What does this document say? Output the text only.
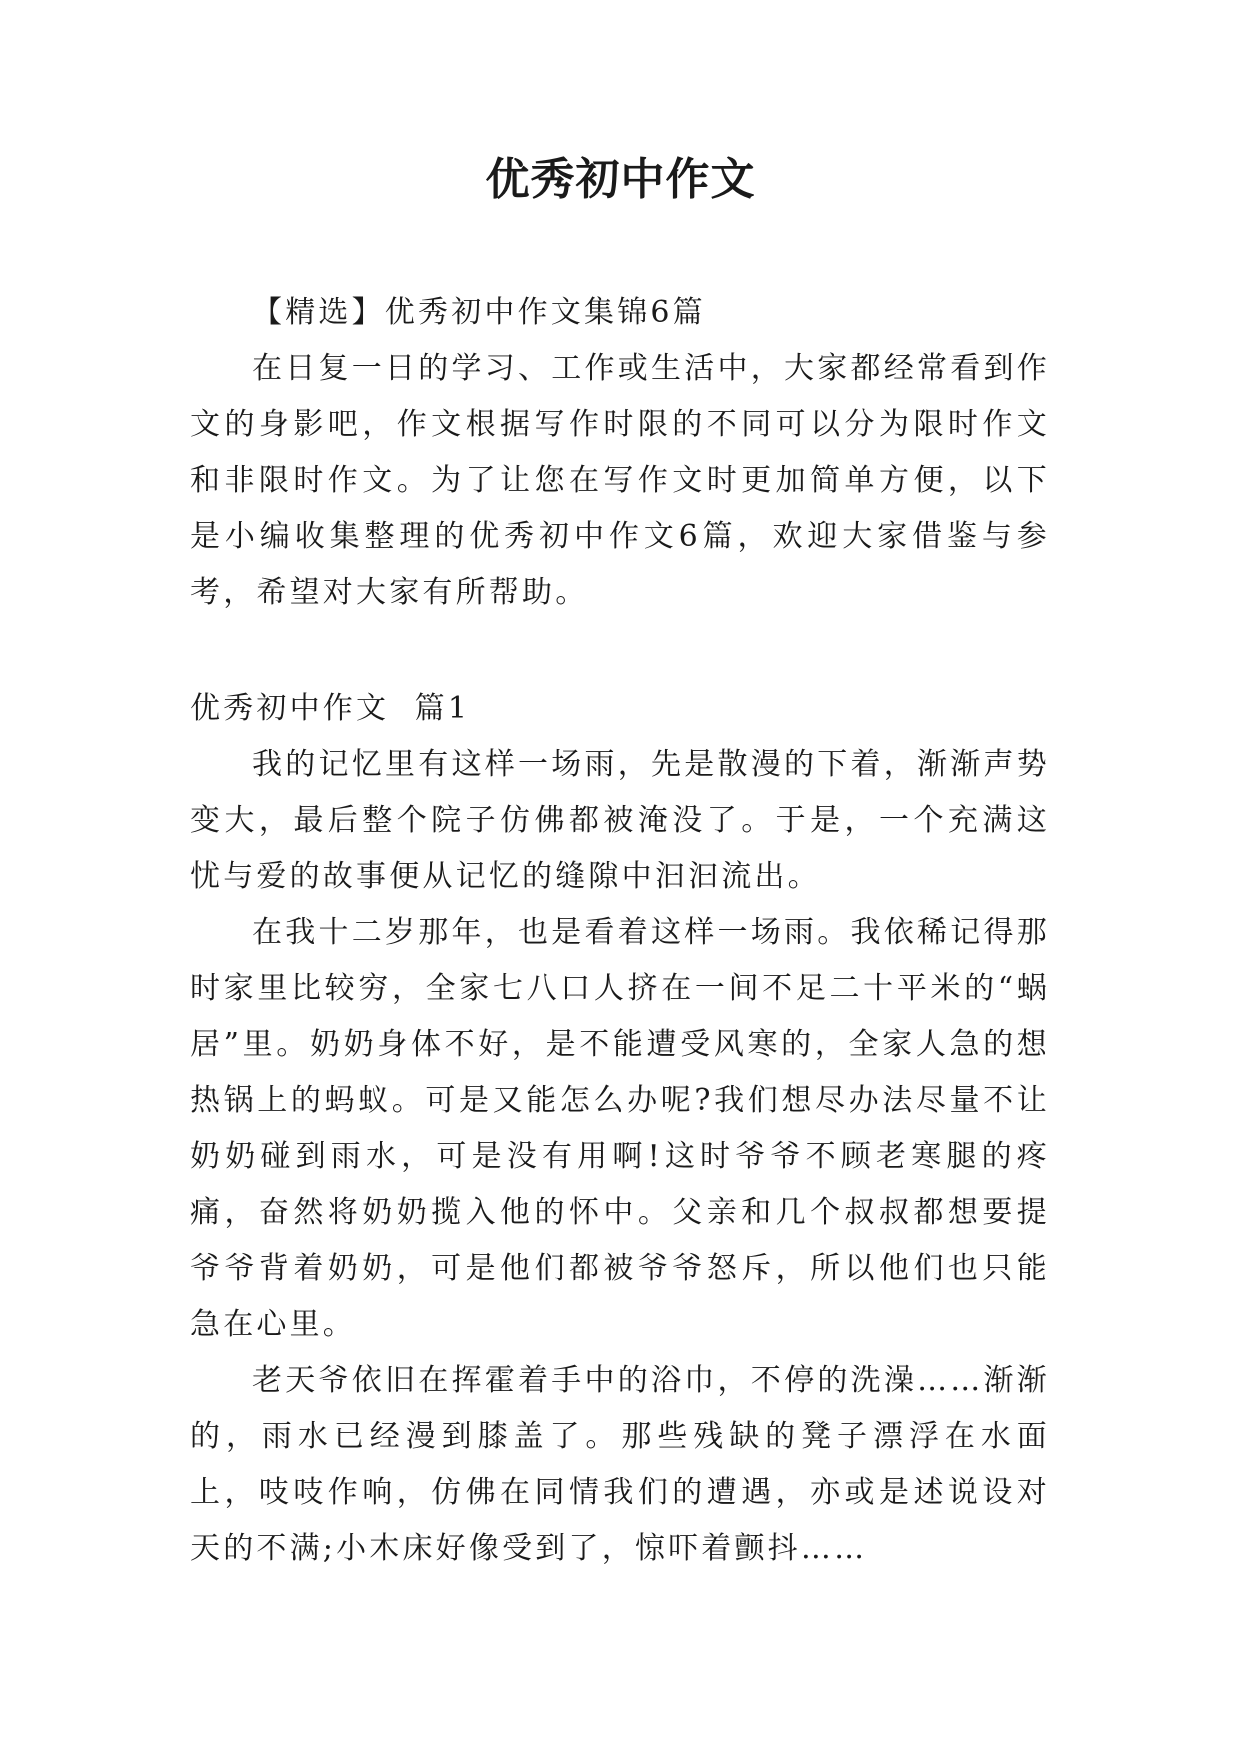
优秀初中作文

【精选】优秀初中作文集锦6篇

在日复一日的学习、工作或生活中，大家都经常看到作文的身影吧，作文根据写作时限的不同可以分为限时作文和非限时作文。为了让您在写作文时更加简单方便，以下是小编收集整理的优秀初中作文6篇，欢迎大家借鉴与参考，希望对大家有所帮助。

优秀初中作文  篇1

我的记忆里有这样一场雨，先是散漫的下着，渐渐声势变大，最后整个院子仿佛都被淹没了。于是，一个充满这忧与爱的故事便从记忆的缝隙中汩汩流出。

在我十二岁那年，也是看着这样一场雨。我依稀记得那时家里比较穷，全家七八口人挤在一间不足二十平米的“蜗居”里。奶奶身体不好，是不能遭受风寒的，全家人急的想热锅上的蚂蚁。可是又能怎么办呢?我们想尽办法尽量不让奶奶碰到雨水，可是没有用啊!这时爷爷不顾老寒腿的疼痛，奋然将奶奶揽入他的怀中。父亲和几个叔叔都想要提爷爷背着奶奶，可是他们都被爷爷怒斥，所以他们也只能急在心里。

老天爷依旧在挥霍着手中的浴巾，不停的洗澡……渐渐的，雨水已经漫到膝盖了。那些残缺的凳子漂浮在水面上，吱吱作响，仿佛在同情我们的遭遇，亦或是述说设对天的不满;小木床好像受到了，惊吓着颤抖……
